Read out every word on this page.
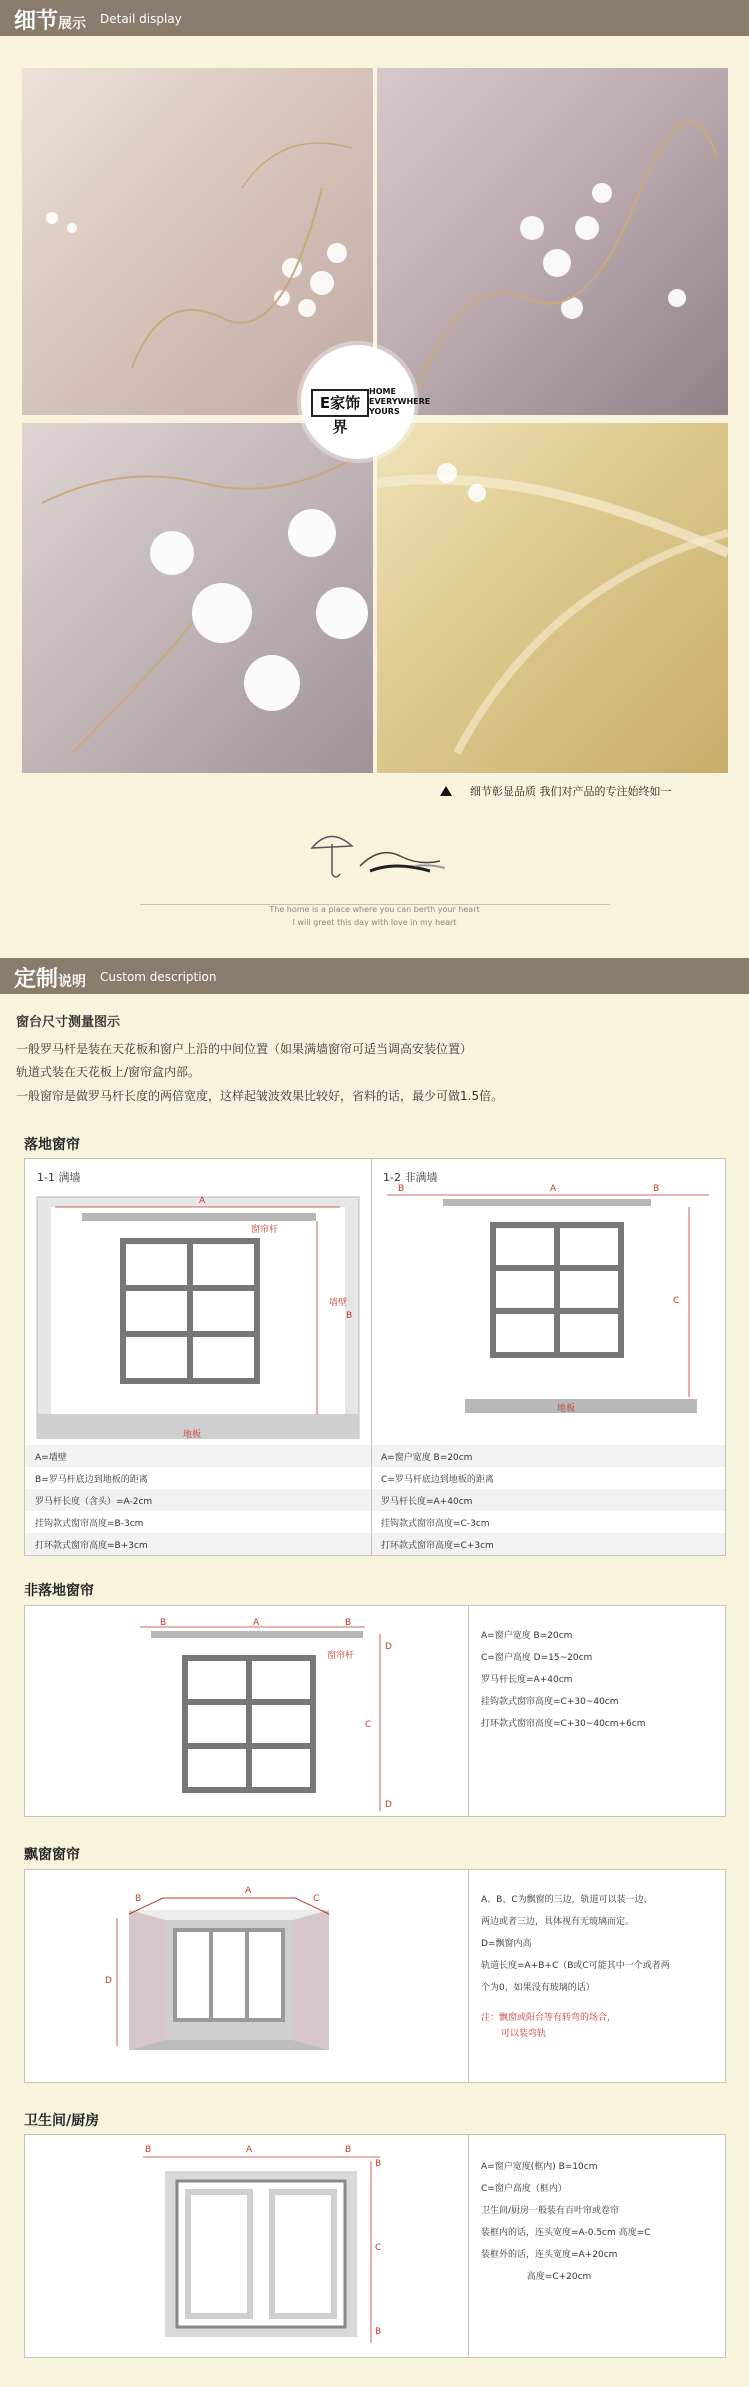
细节展示 Detail display
E家饰界
HOME
EVERYWHERE
YOURS
细节彰显品质 我们对产品的专注始终如一
The home is a place where you can berth your heart
I will greet this day with love in my heart
定制说明 Custom description
窗台尺寸测量图示
一般罗马杆是装在天花板和窗户上沿的中间位置（如果满墙窗帘可适当调高安装位置）
轨道式装在天花板上/窗帘盒内部。
一般窗帘是做罗马杆长度的两倍宽度，这样起皱波效果比较好，省料的话，最少可做1.5倍。
落地窗帘
1-1 满墙	1-2 非满墙
A
窗帘杆
墙壁
B
地板
B	A	B
C
地板
A=墙壁
B=罗马杆底边到地板的距离
罗马杆长度（含头）=A-2cm
挂钩款式窗帘高度=B-3cm
打环款式窗帘高度=B+3cm
A=窗户宽度 B=20cm
C=罗马杆底边到地板的距离
罗马杆长度=A+40cm
挂钩款式窗帘高度=C-3cm
打环款式窗帘高度=C+3cm
非落地窗帘
B	A	B
窗帘杆
D
C
D
A=窗户宽度 B=20cm
C=窗户高度 D=15~20cm
罗马杆长度=A+40cm
挂钩款式窗帘高度=C+30~40cm
打环款式窗帘高度=C+30~40cm+6cm
飘窗窗帘
B
A
C
D
A、B、C为飘窗的三边，轨道可以装一边、
两边或者三边，具体视有无玻璃而定。
D=飘窗内高
轨道长度=A+B+C（B或C可能其中一个或者两
个为0，如果没有玻璃的话）
注：飘窗或阳台等有转弯的场合，
可以装弯轨
卫生间/厨房
B	A	B
B
C
B
A=窗户宽度(框内) B=10cm
C=窗户高度（框内）
卫生间/厨房一般装有百叶帘或卷帘
装框内的话，连头宽度=A-0.5cm 高度=C
装框外的话，连头宽度=A+20cm
高度=C+20cm
